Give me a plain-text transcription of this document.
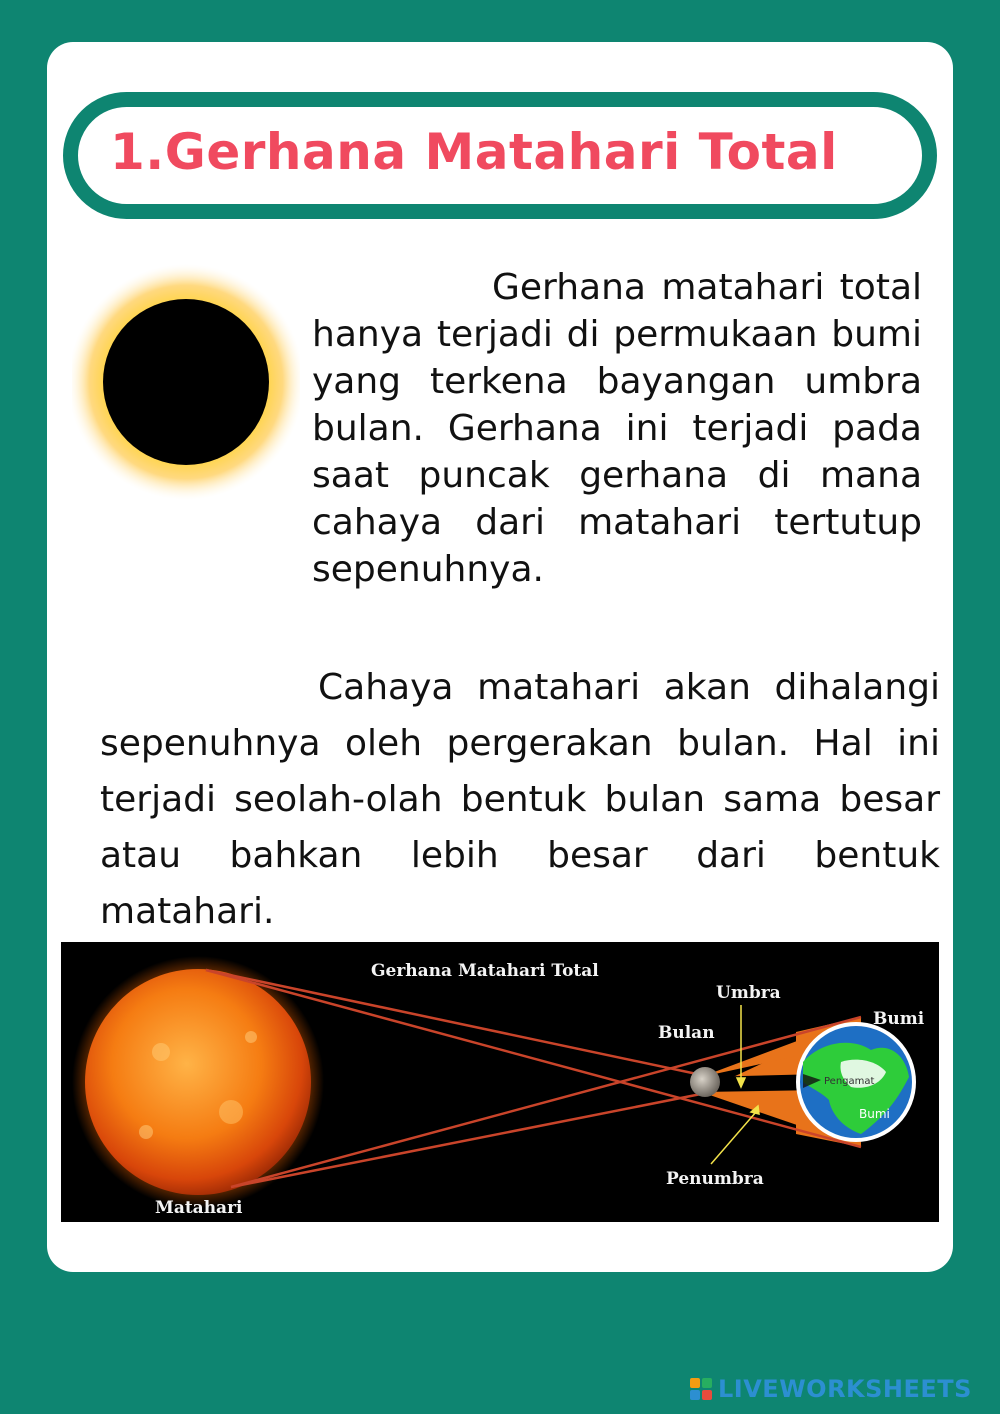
1.Gerhana Matahari Total
Gerhana matahari total hanya terjadi di permukaan bumi yang terkena bayangan umbra bulan. Gerhana ini terjadi pada saat puncak gerhana di mana cahaya dari matahari tertutup sepenuhnya.
Cahaya matahari akan dihalangi sepenuhnya oleh pergerakan bulan. Hal ini terjadi seolah-olah bentuk bulan sama besar atau bahkan lebih besar dari bentuk matahari.
Gerhana Matahari Total
Umbra
Bulan
Bumi
Penumbra
Matahari
Pengamat
Bumi
LIVEWORKSHEETS
